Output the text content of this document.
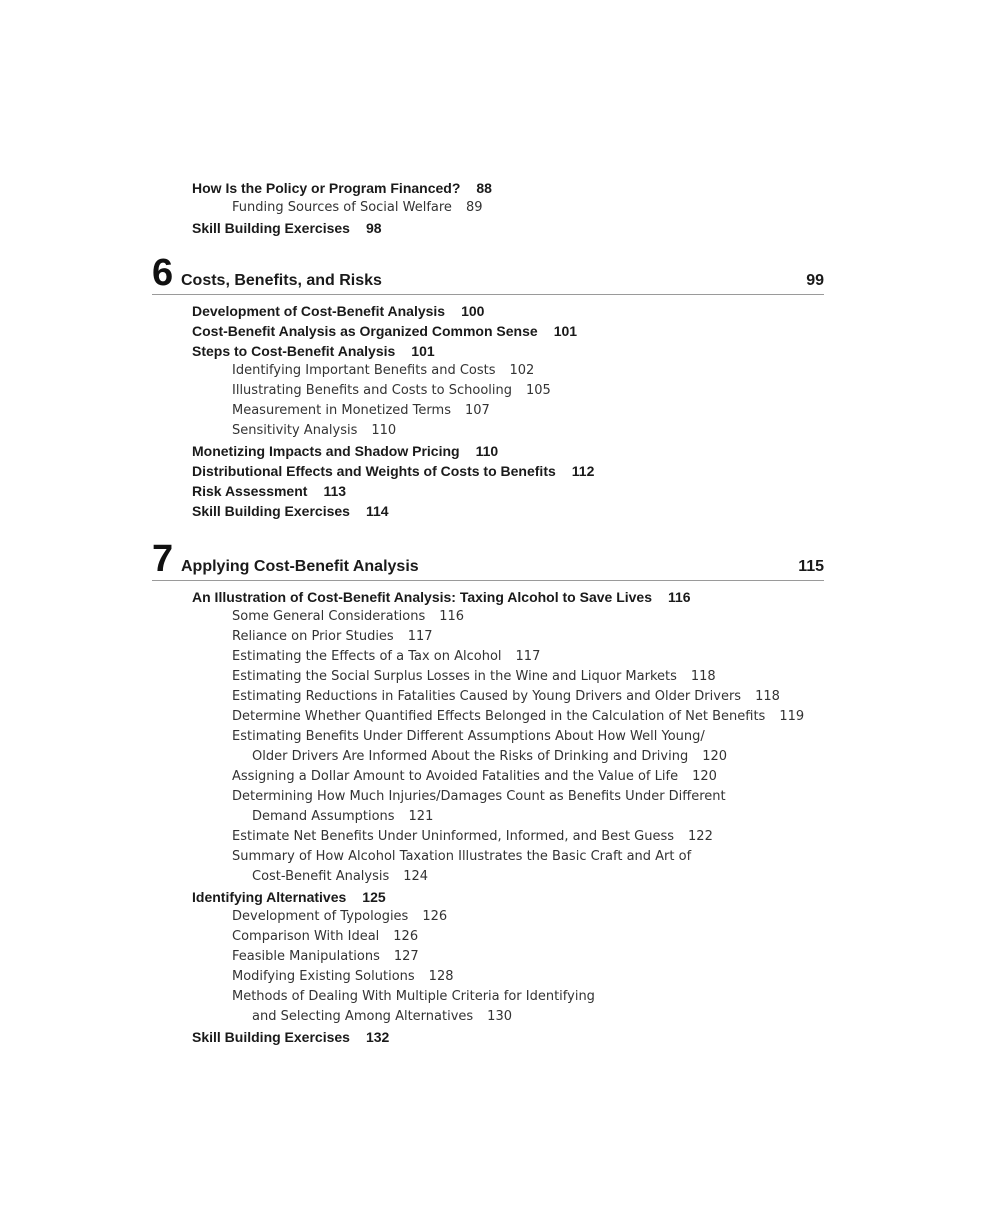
How Is the Policy or Program Financed? 88
Funding Sources of Social Welfare 89
Skill Building Exercises 98
6 Costs, Benefits, and Risks	99
Development of Cost-Benefit Analysis 100
Cost-Benefit Analysis as Organized Common Sense 101
Steps to Cost-Benefit Analysis 101
Identifying Important Benefits and Costs 102
Illustrating Benefits and Costs to Schooling 105
Measurement in Monetized Terms 107
Sensitivity Analysis 110
Monetizing Impacts and Shadow Pricing 110
Distributional Effects and Weights of Costs to Benefits 112
Risk Assessment 113
Skill Building Exercises 114
7 Applying Cost-Benefit Analysis	115
An Illustration of Cost-Benefit Analysis: Taxing Alcohol to Save Lives 116
Some General Considerations 116
Reliance on Prior Studies 117
Estimating the Effects of a Tax on Alcohol 117
Estimating the Social Surplus Losses in the Wine and Liquor Markets 118
Estimating Reductions in Fatalities Caused by Young Drivers and Older Drivers 118
Determine Whether Quantified Effects Belonged in the Calculation of Net Benefits 119
Estimating Benefits Under Different Assumptions About How Well Young/
Older Drivers Are Informed About the Risks of Drinking and Driving 120
Assigning a Dollar Amount to Avoided Fatalities and the Value of Life 120
Determining How Much Injuries/Damages Count as Benefits Under Different
Demand Assumptions 121
Estimate Net Benefits Under Uninformed, Informed, and Best Guess 122
Summary of How Alcohol Taxation Illustrates the Basic Craft and Art of
Cost-Benefit Analysis 124
Identifying Alternatives 125
Development of Typologies 126
Comparison With Ideal 126
Feasible Manipulations 127
Modifying Existing Solutions 128
Methods of Dealing With Multiple Criteria for Identifying
and Selecting Among Alternatives 130
Skill Building Exercises 132
